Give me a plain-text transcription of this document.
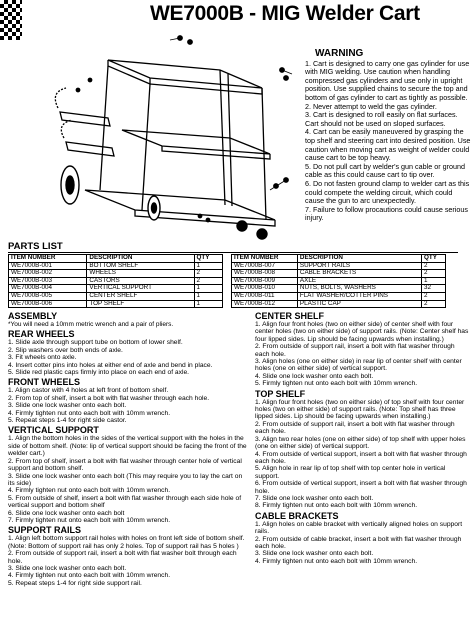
WE7000B - MIG Welder Cart
WARNING
1. Cart is designed to carry one gas cylinder for use with MIG welding. Use caution when handling compressed gas cylinders and use only in upright position. Use supplied chains to secure the top and bottom of gas cylinder to cart as tightly as possible.
2. Never attempt to weld the gas cylinder.
3. Cart is designed to roll easily on flat surfaces. Cart should not be used on sloped surfaces.
4. Cart can be easily maneuvered by grasping the top shelf and steering cart into desired position. Use caution when moving cart as weight of welder could cause cart to be top heavy.
5. Do not pull cart by welder's gun cable or ground cable as this could cause cart to tip over.
6. Do not fasten ground clamp to welder cart as this could compete the welding circuit, which could cause the gun to arc unexpectedly.
7. Failure to follow procautions could cause serious injury.
PARTS LIST
ITEM NUMBER	DESCRIPTION	QTY
WE7000B-001	BOTTOM SHELF	1
WE7000B-002	WHEELS	2
WE7000B-003	CASTORS	2
WE7000B-004	VERTICAL SUPPORT	1
WE7000B-005	CENTER SHELF	1
WE7000B-006	TOP SHELF	1
ITEM NUMBER	DESCRIPTION	QTY
WE7000B-007	SUPPORT RAILS	2
WE7000B-008	CABLE BRACKETS	2
WE7000B-009	AXLE	1
WE7000B-010	NUTS, BOLTS, WASHERS	32
WE7000B-011	FLAT WASHER/COTTER PINS	2
WE7000B-012	PLASTIC CAP	2
ASSEMBLY

*You will need a 10mm metric wrench and a pair of pliers.

REAR WHEELS

1. Slide axle through support tube on bottom of lower shelf.

2. Slip washers over both ends of axle.

3. Fit wheels onto axle.

4. Insert cotter pins into holes at either end of axle and bend in place.

5. Slide red plastic caps firmly into place on each end of axle.

FRONT WHEELS

1. Align castor with 4 holes at left front of bottom shelf.

2. From top of shelf, insert a bolt with flat washer through each hole.

3. Slide one lock washer onto each bolt.

4. Firmly tighten nut onto each bolt with 10mm wrench.

5. Repeat steps 1-4 for right side castor.

VERTICAL SUPPORT

1. Align the bottom holes in the sides of the vertical support with the holes in the side of bottom shelf. (Note: lip of vertical support should be facing the front of the welder cart.)

2. From top of shelf, insert a bolt with flat washer through center hole of vertical support and bottom shelf.

3. Slide one lock washer onto each bolt (This may require you to lay the cart on its side)

4. Firmly tighten nut onto each bolt with 10mm wrench.

5. From outside of shelf, insert a bolt with flat washer through each side hole of vertical support and bottom shelf

6. Slide one lock washer onto each bolt

7. Firmly tighten nut onto each bolt with 10mm wrench.

SUPPORT RAILS

1. Align left bottom support rail holes with holes on front left side of bottom shelf. (Note: Bottom of support rail has only 2 holes. Top of support rail has 5 holes )

2. From outside of support rail, insert a bolt with flat washer bolt through each hole.

3. Slide one lock washer onto each bolt.

4. Firmly tighten nut onto each bolt with 10mm wrench.

5. Repeat steps 1-4 for right side support rail.

CENTER SHELF

1. Align four front holes (two on either side) of center shelf with four center holes (two on either side) of support rails. (Note: Center shelf has four lipped sides. Lip should be facing upwards when installing.)

2. From outside of support rail, insert a bolt with flat washer through each hole.

3. Align holes (one on either side) in rear lip of center shelf with center holes (one on either side) of vertical support.

4. Slide one lock washer onto each bolt.

5. Firmly tighten nut onto each bolt with 10mm wrench.

TOP SHELF

1. Align four front holes (two on either side) of top shelf with four center holes (two on either side) of support rails. (Note: Top shelf has three lipped sides. Lip should be facing upwards when installing.)

2. From outside of support rail, insert a bolt with flat washer through each hole.

3. Align two rear holes (one on either side) of top shelf with upper holes (one on either side) of vertical support.

4. From outside of vertical support, insert a bolt with flat washer through each hole.

5. Align hole in rear lip of top shelf with top center hole in vertical support.

6. From outside of vertical support, insert a bolt with flat washer through hole.

7. Slide one lock washer onto each bolt.

8. Firmly tighten nut onto each bolt with 10mm wrench.

CABLE BRACKETS

1. Align holes on cable bracket with vertically aligned holes on support rails.

2. From outside of cable bracket, insert a bolt with flat washer through each hole.

3. Slide one lock washer onto each bolt.

4. Firmly tighten nut onto each bolt with 10mm wrench.
